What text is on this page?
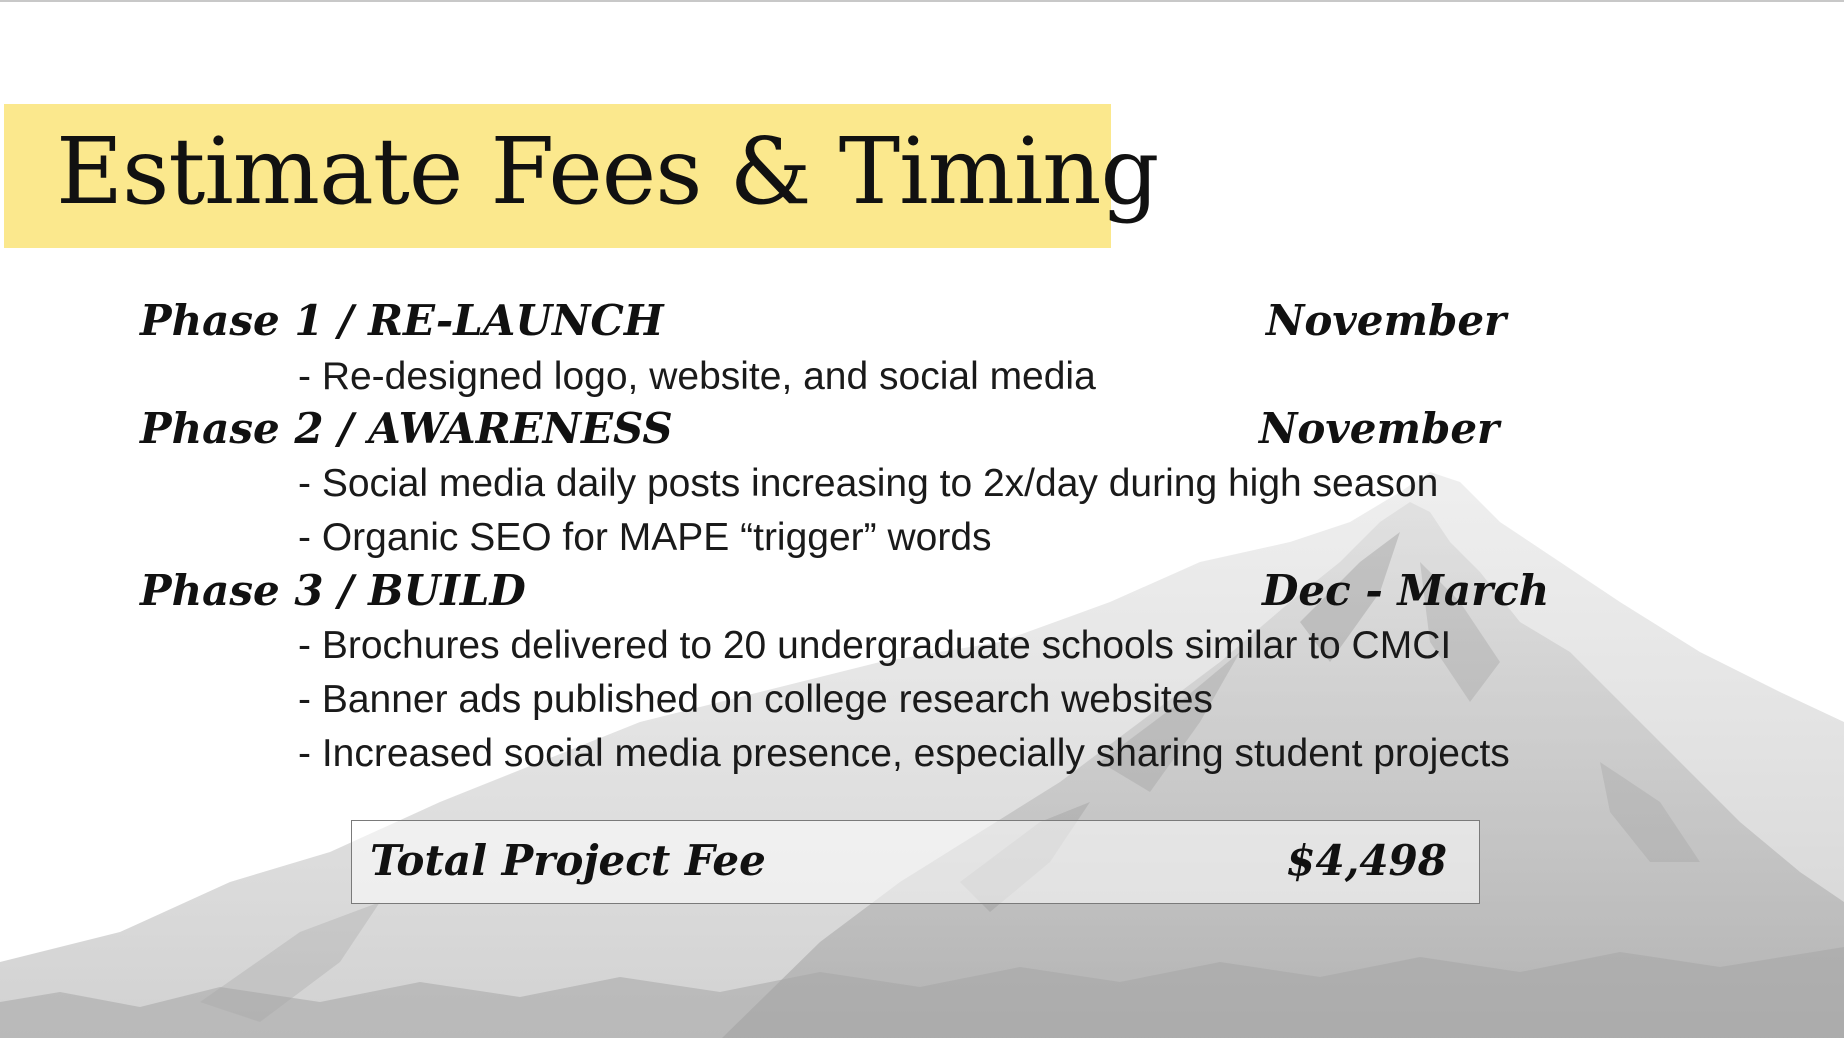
Estimate Fees & Timing
Phase 1 / RE-LAUNCH	November
- Re-designed logo, website, and social media
Phase 2 / AWARENESS	November
- Social media daily posts increasing to 2x/day during high season
- Organic SEO for MAPE “trigger” words
Phase 3 / BUILD	Dec - March
- Brochures delivered to 20 undergraduate schools similar to CMCI
- Banner ads published on college research websites
- Increased social media presence, especially sharing student projects
Total Project Fee	$4,498
